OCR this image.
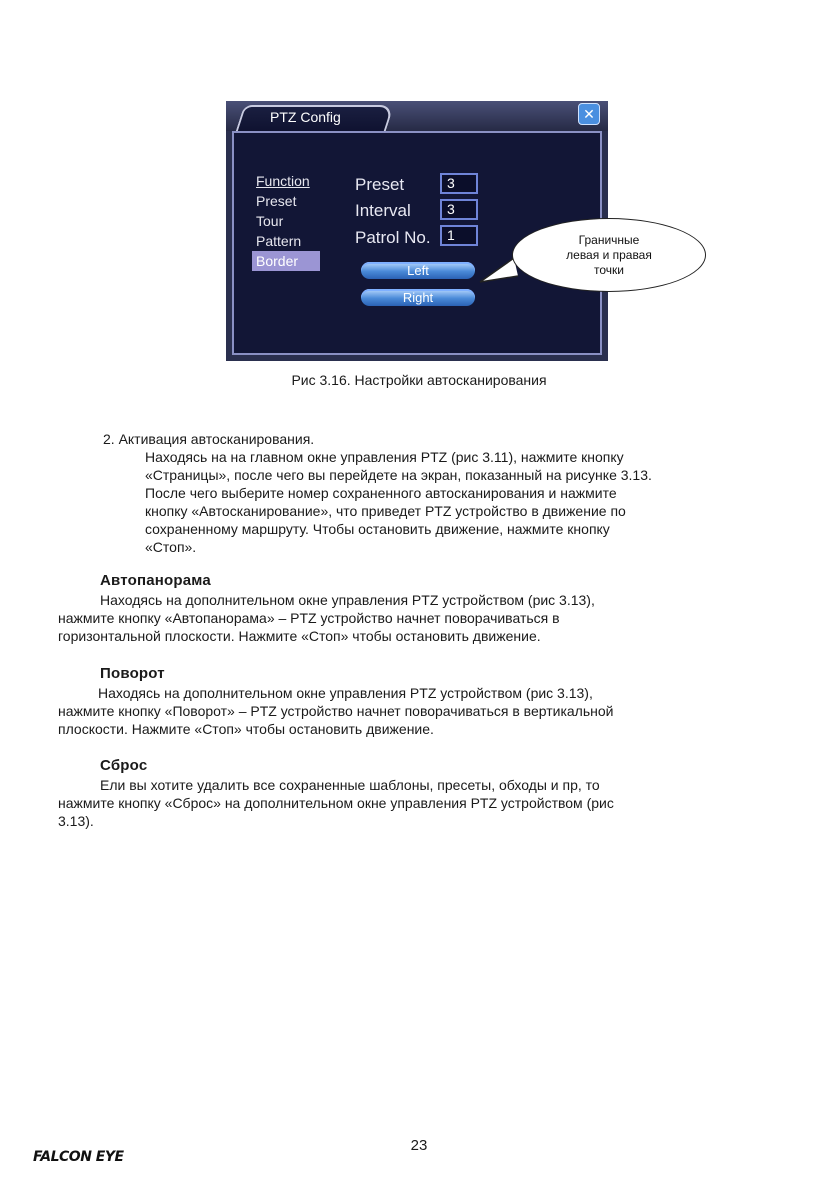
PTZ Config	✕
Function
Preset
Tour
Pattern
Border
Preset	3
Interval	3
Patrol No.	1
Left
Right
Граничные
левая и правая
точки
Рис 3.16. Настройки автосканирования
2. Активация автосканирования.
Находясь на на главном окне управления PTZ (рис 3.11), нажмите кнопку
«Страницы», после чего вы перейдете на экран, показанный на рисунке 3.13.
После чего выберите номер сохраненного автосканирования и нажмите
кнопку «Автосканирование», что приведет PTZ устройство в движение по
сохраненному маршруту. Чтобы остановить движение, нажмите кнопку
«Стоп».
Автопанорама
Находясь на дополнительном окне управления PTZ устройством (рис 3.13),
нажмите кнопку «Автопанорама» – PTZ устройство начнет поворачиваться в
горизонтальной плоскости. Нажмите «Стоп» чтобы остановить движение.
Поворот
Находясь на дополнительном окне управления PTZ устройством (рис 3.13),
нажмите кнопку «Поворот» – PTZ устройство начнет поворачиваться в вертикальной
плоскости. Нажмите «Стоп» чтобы остановить движение.
Сброс
Ели вы хотите удалить все сохраненные шаблоны, пресеты, обходы и пр, то
нажмите кнопку «Сброс» на дополнительном окне управления PTZ устройством (рис
3.13).
23
FALCON EYE
